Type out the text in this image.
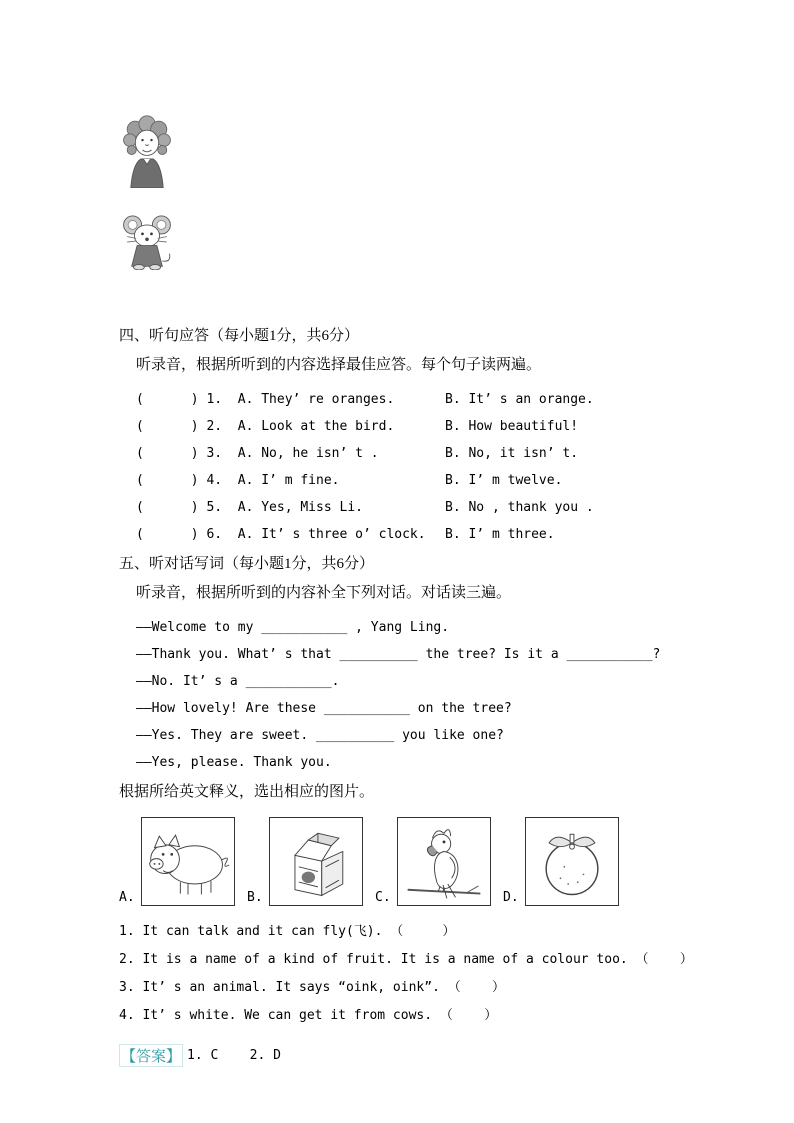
四、听句应答（每小题1分，共6分）
听录音，根据所听到的内容选择最佳应答。每个句子读两遍。
(      ) 1.  A. They’ re oranges.	B. It’ s an orange.
(      ) 2.  A. Look at the bird.	B. How beautiful!
(      ) 3.  A. No, he isn’ t .	B. No, it isn’ t.
(      ) 4.  A. I’ m fine.	B. I’ m twelve.
(      ) 5.  A. Yes, Miss Li.	B. No , thank you .
(      ) 6.  A. It’ s three o’ clock.	B. I’ m three.
五、听对话写词（每小题1分，共6分）
听录音，根据所听到的内容补全下列对话。对话读三遍。
——Welcome to my ___________ , Yang Ling.
——Thank you. What’ s that __________ the tree? Is it a ___________?
——No. It’ s a ___________.
——How lovely! Are these ___________ on the tree?
——Yes. They are sweet. __________ you like one?
——Yes, please. Thank you.
根据所给英文释义，选出相应的图片。
A.	B.	C.	D.
1. It can talk and it can fly(飞). （     ）
2. It is a name of a kind of fruit. It is a name of a colour too. （    ）
3. It’ s an animal. It says “oink, oink”. （    ）
4. It’ s white. We can get it from cows. （    ）
【答案】 1. C    2. D
